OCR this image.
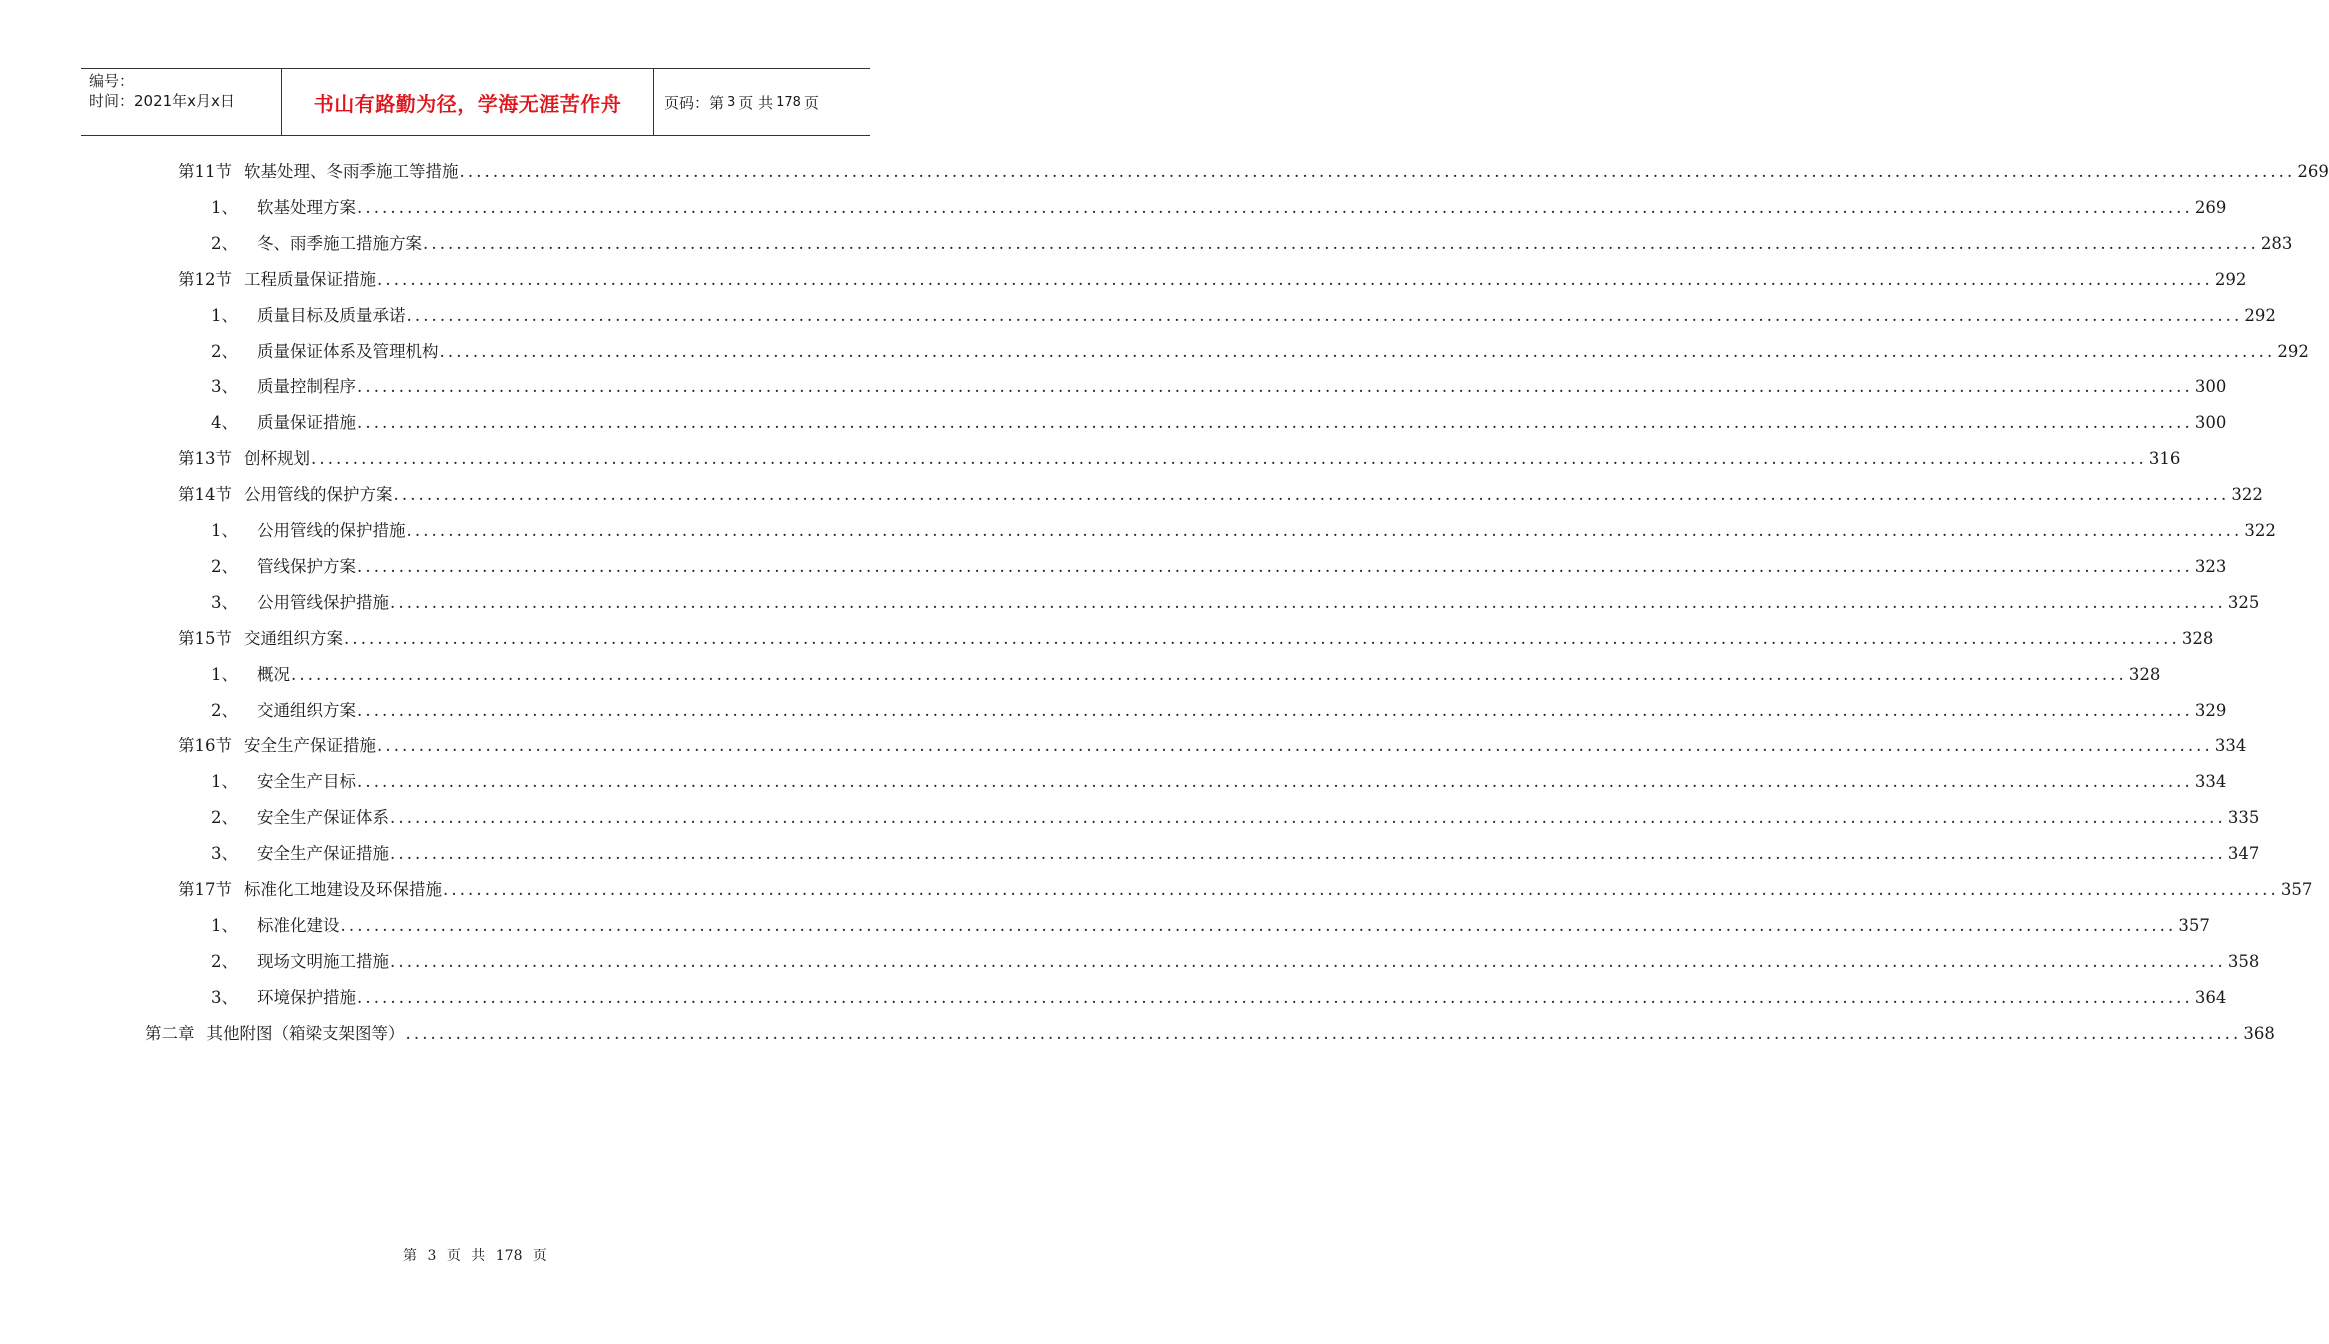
编号：
时间：2021年x月x日	书山有路勤为径，学海无涯苦作舟	页码：第 3 页 共 178 页
第11节 软基处理、冬雨季施工等措施 ............................................................................................................................................................................................................................ 269
1、 软基处理方案 ............................................................................................................................................................................................................................ 269
2、 冬、雨季施工措施方案 ............................................................................................................................................................................................................................ 283
第12节 工程质量保证措施 ............................................................................................................................................................................................................................ 292
1、 质量目标及质量承诺 ............................................................................................................................................................................................................................ 292
2、 质量保证体系及管理机构 ............................................................................................................................................................................................................................ 292
3、 质量控制程序 ............................................................................................................................................................................................................................ 300
4、 质量保证措施 ............................................................................................................................................................................................................................ 300
第13节 创杯规划 ............................................................................................................................................................................................................................ 316
第14节 公用管线的保护方案 ............................................................................................................................................................................................................................ 322
1、 公用管线的保护措施 ............................................................................................................................................................................................................................ 322
2、 管线保护方案 ............................................................................................................................................................................................................................ 323
3、 公用管线保护措施 ............................................................................................................................................................................................................................ 325
第15节 交通组织方案 ............................................................................................................................................................................................................................ 328
1、 概况 ............................................................................................................................................................................................................................ 328
2、 交通组织方案 ............................................................................................................................................................................................................................ 329
第16节 安全生产保证措施 ............................................................................................................................................................................................................................ 334
1、 安全生产目标 ............................................................................................................................................................................................................................ 334
2、 安全生产保证体系 ............................................................................................................................................................................................................................ 335
3、 安全生产保证措施 ............................................................................................................................................................................................................................ 347
第17节 标准化工地建设及环保措施 ............................................................................................................................................................................................................................ 357
1、 标准化建设 ............................................................................................................................................................................................................................ 357
2、 现场文明施工措施 ............................................................................................................................................................................................................................ 358
3、 环境保护措施 ............................................................................................................................................................................................................................ 364
第二章 其他附图（箱梁支架图等） ............................................................................................................................................................................................................................ 368
第 3 页 共 178 页
